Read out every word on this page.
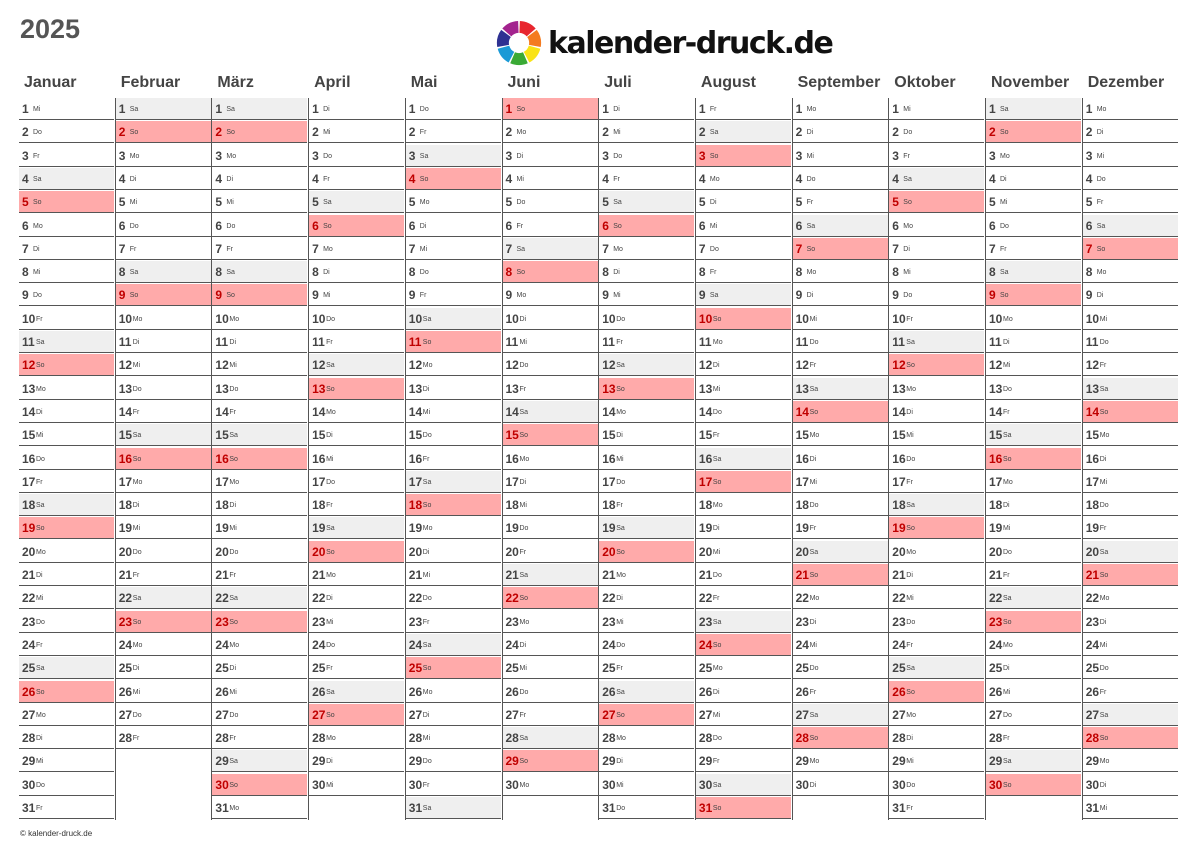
2025	kalender-druck.de
Januar
1 Mi
2 Do
3 Fr
4 Sa
5 So
6 Mo
7 Di
8 Mi
9 Do
10 Fr
11 Sa
12 So
13 Mo
14 Di
15 Mi
16 Do
17 Fr
18 Sa
19 So
20 Mo
21 Di
22 Mi
23 Do
24 Fr
25 Sa
26 So
27 Mo
28 Di
29 Mi
30 Do
31 Fr
Februar
1 Sa
2 So
3 Mo
4 Di
5 Mi
6 Do
7 Fr
8 Sa
9 So
10 Mo
11 Di
12 Mi
13 Do
14 Fr
15 Sa
16 So
17 Mo
18 Di
19 Mi
20 Do
21 Fr
22 Sa
23 So
24 Mo
25 Di
26 Mi
27 Do
28 Fr
März
1 Sa
2 So
3 Mo
4 Di
5 Mi
6 Do
7 Fr
8 Sa
9 So
10 Mo
11 Di
12 Mi
13 Do
14 Fr
15 Sa
16 So
17 Mo
18 Di
19 Mi
20 Do
21 Fr
22 Sa
23 So
24 Mo
25 Di
26 Mi
27 Do
28 Fr
29 Sa
30 So
31 Mo
April
1 Di
2 Mi
3 Do
4 Fr
5 Sa
6 So
7 Mo
8 Di
9 Mi
10 Do
11 Fr
12 Sa
13 So
14 Mo
15 Di
16 Mi
17 Do
18 Fr
19 Sa
20 So
21 Mo
22 Di
23 Mi
24 Do
25 Fr
26 Sa
27 So
28 Mo
29 Di
30 Mi
Mai
1 Do
2 Fr
3 Sa
4 So
5 Mo
6 Di
7 Mi
8 Do
9 Fr
10 Sa
11 So
12 Mo
13 Di
14 Mi
15 Do
16 Fr
17 Sa
18 So
19 Mo
20 Di
21 Mi
22 Do
23 Fr
24 Sa
25 So
26 Mo
27 Di
28 Mi
29 Do
30 Fr
31 Sa
Juni
1 So
2 Mo
3 Di
4 Mi
5 Do
6 Fr
7 Sa
8 So
9 Mo
10 Di
11 Mi
12 Do
13 Fr
14 Sa
15 So
16 Mo
17 Di
18 Mi
19 Do
20 Fr
21 Sa
22 So
23 Mo
24 Di
25 Mi
26 Do
27 Fr
28 Sa
29 So
30 Mo
Juli
1 Di
2 Mi
3 Do
4 Fr
5 Sa
6 So
7 Mo
8 Di
9 Mi
10 Do
11 Fr
12 Sa
13 So
14 Mo
15 Di
16 Mi
17 Do
18 Fr
19 Sa
20 So
21 Mo
22 Di
23 Mi
24 Do
25 Fr
26 Sa
27 So
28 Mo
29 Di
30 Mi
31 Do
August
1 Fr
2 Sa
3 So
4 Mo
5 Di
6 Mi
7 Do
8 Fr
9 Sa
10 So
11 Mo
12 Di
13 Mi
14 Do
15 Fr
16 Sa
17 So
18 Mo
19 Di
20 Mi
21 Do
22 Fr
23 Sa
24 So
25 Mo
26 Di
27 Mi
28 Do
29 Fr
30 Sa
31 So
September
1 Mo
2 Di
3 Mi
4 Do
5 Fr
6 Sa
7 So
8 Mo
9 Di
10 Mi
11 Do
12 Fr
13 Sa
14 So
15 Mo
16 Di
17 Mi
18 Do
19 Fr
20 Sa
21 So
22 Mo
23 Di
24 Mi
25 Do
26 Fr
27 Sa
28 So
29 Mo
30 Di
Oktober
1 Mi
2 Do
3 Fr
4 Sa
5 So
6 Mo
7 Di
8 Mi
9 Do
10 Fr
11 Sa
12 So
13 Mo
14 Di
15 Mi
16 Do
17 Fr
18 Sa
19 So
20 Mo
21 Di
22 Mi
23 Do
24 Fr
25 Sa
26 So
27 Mo
28 Di
29 Mi
30 Do
31 Fr
November
1 Sa
2 So
3 Mo
4 Di
5 Mi
6 Do
7 Fr
8 Sa
9 So
10 Mo
11 Di
12 Mi
13 Do
14 Fr
15 Sa
16 So
17 Mo
18 Di
19 Mi
20 Do
21 Fr
22 Sa
23 So
24 Mo
25 Di
26 Mi
27 Do
28 Fr
29 Sa
30 So
Dezember
1 Mo
2 Di
3 Mi
4 Do
5 Fr
6 Sa
7 So
8 Mo
9 Di
10 Mi
11 Do
12 Fr
13 Sa
14 So
15 Mo
16 Di
17 Mi
18 Do
19 Fr
20 Sa
21 So
22 Mo
23 Di
24 Mi
25 Do
26 Fr
27 Sa
28 So
29 Mo
30 Di
31 Mi
© kalender-druck.de
